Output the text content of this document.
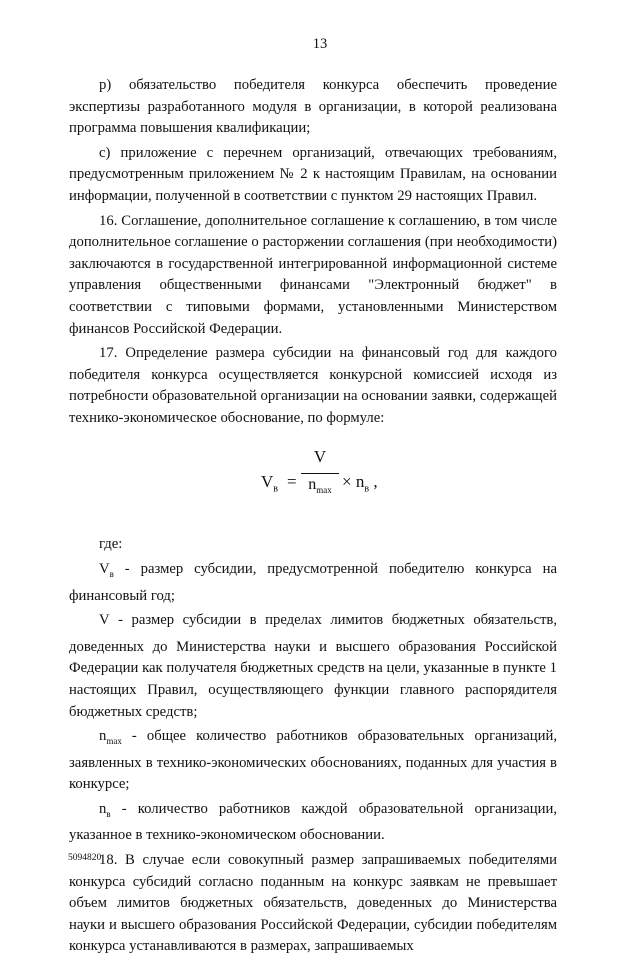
13

р) обязательство победителя конкурса обеспечить проведение экспертизы разработанного модуля в организации, в которой реализована программа повышения квалификации;

с) приложение с перечнем организаций, отвечающих требованиям, предусмотренным приложением № 2 к настоящим Правилам, на основании информации, полученной в соответствии с пунктом 29 настоящих Правил.

16. Соглашение, дополнительное соглашение к соглашению, в том числе дополнительное соглашение о расторжении соглашения (при необходимости) заключаются в государственной интегрированной информационной системе управления общественными финансами "Электронный бюджет" в соответствии с типовыми формами, установленными Министерством финансов Российской Федерации.

17. Определение размера субсидии на финансовый год для каждого победителя конкурса осуществляется конкурсной комиссией исходя из потребности образовательной организации на основании заявки, содержащей технико-экономическое обоснование, по формуле:

$V_в$ =
V
$n_{max} \times n_в$ ,

где:

$V_в$ - размер субсидии, предусмотренной победителю конкурса на финансовый год;

V - размер субсидии в пределах лимитов бюджетных обязательств, доведенных до Министерства науки и высшего образования Российской Федерации как получателя бюджетных средств на цели, указанные в пункте 1 настоящих Правил, осуществляющего функции главного распорядителя бюджетных средств;

$n_{max}$ - общее количество работников образовательных организаций, заявленных в технико-экономических обоснованиях, поданных для участия в конкурсе;

$n_в$ - количество работников каждой образовательной организации, указанное в технико-экономическом обосновании.

18. В случае если совокупный размер запрашиваемых победителями конкурса субсидий согласно поданным на конкурс заявкам не превышает объем лимитов бюджетных обязательств, доведенных до Министерства науки и высшего образования Российской Федерации, субсидии победителям конкурса устанавливаются в размерах, запрашиваемых

5094820
